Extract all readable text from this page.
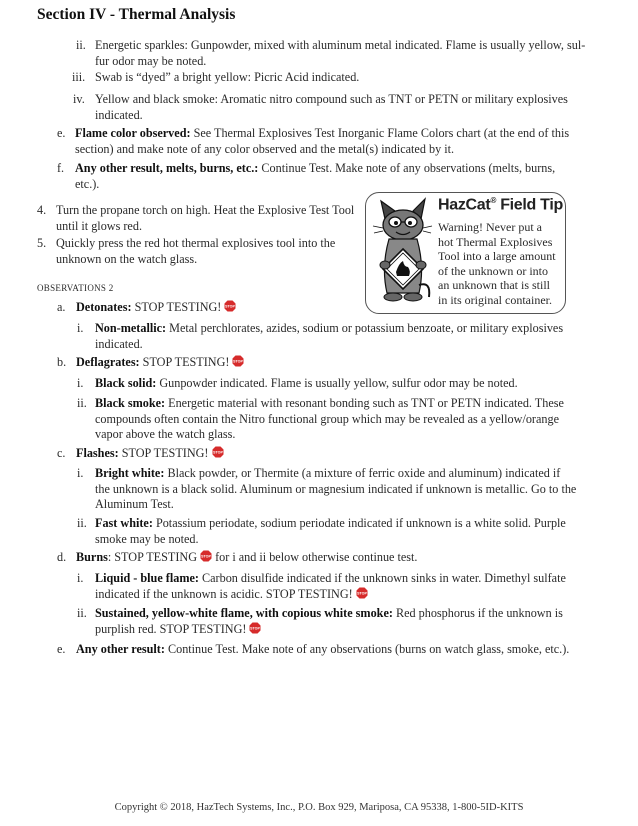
Section IV - Thermal Analysis
ii. Energetic sparkles: Gunpowder, mixed with aluminum metal indicated. Flame is usually yellow, sul-
fur odor may be noted.
iii. Swab is “dyed” a bright yellow: Picric Acid indicated.
iv. Yellow and black smoke: Aromatic nitro compound such as TNT or PETN or military explosives
indicated.
e. Flame color observed: See Thermal Explosives Test Inorganic Flame Colors chart (at the end of this
section) and make note of any color observed and the metal(s) indicated by it.
f. Any other result, melts, burns, etc.: Continue Test. Make note of any observations (melts, burns,
etc.).
4. Turn the propane torch on high. Heat the Explosive Test Tool
until it glows red.
5. Quickly press the red hot thermal explosives tool into the
unknown on the watch glass.
HazCat® Field Tip
Warning! Never put a
hot Thermal Explosives
Tool into a large amount
of the unknown or into
an unknown that is still
in its original container.
OBSERVATIONS 2
a. Detonates: STOP TESTING! STOP
i. Non-metallic: Metal perchlorates, azides, sodium or potassium benzoate, or military explosives
indicated.
b. Deflagrates: STOP TESTING! STOP
i. Black solid: Gunpowder indicated. Flame is usually yellow, sulfur odor may be noted.
ii. Black smoke: Energetic material with resonant bonding such as TNT or PETN indicated. These
compounds often contain the Nitro functional group which may be revealed as a yellow/orange
vapor above the watch glass.
c. Flashes: STOP TESTING! STOP
i. Bright white: Black powder, or Thermite (a mixture of ferric oxide and aluminum) indicated if
the unknown is a black solid. Aluminum or magnesium indicated if unknown is metallic. Go to the
Aluminum Test.
ii. Fast white: Potassium periodate, sodium periodate indicated if unknown is a white solid. Purple
smoke may be noted.
d. Burns: STOP TESTING STOP for i and ii below otherwise continue test.
i. Liquid - blue flame: Carbon disulfide indicated if the unknown sinks in water. Dimethyl sulfate
indicated if the unknown is acidic. STOP TESTING! STOP
ii. Sustained, yellow-white flame, with copious white smoke: Red phosphorus if the unknown is
purplish red. STOP TESTING! STOP
e. Any other result: Continue Test. Make note of any observations (burns on watch glass, smoke, etc.).
Copyright © 2018, HazTech Systems, Inc., P.O. Box 929, Mariposa, CA 95338, 1-800-5ID-KITS
